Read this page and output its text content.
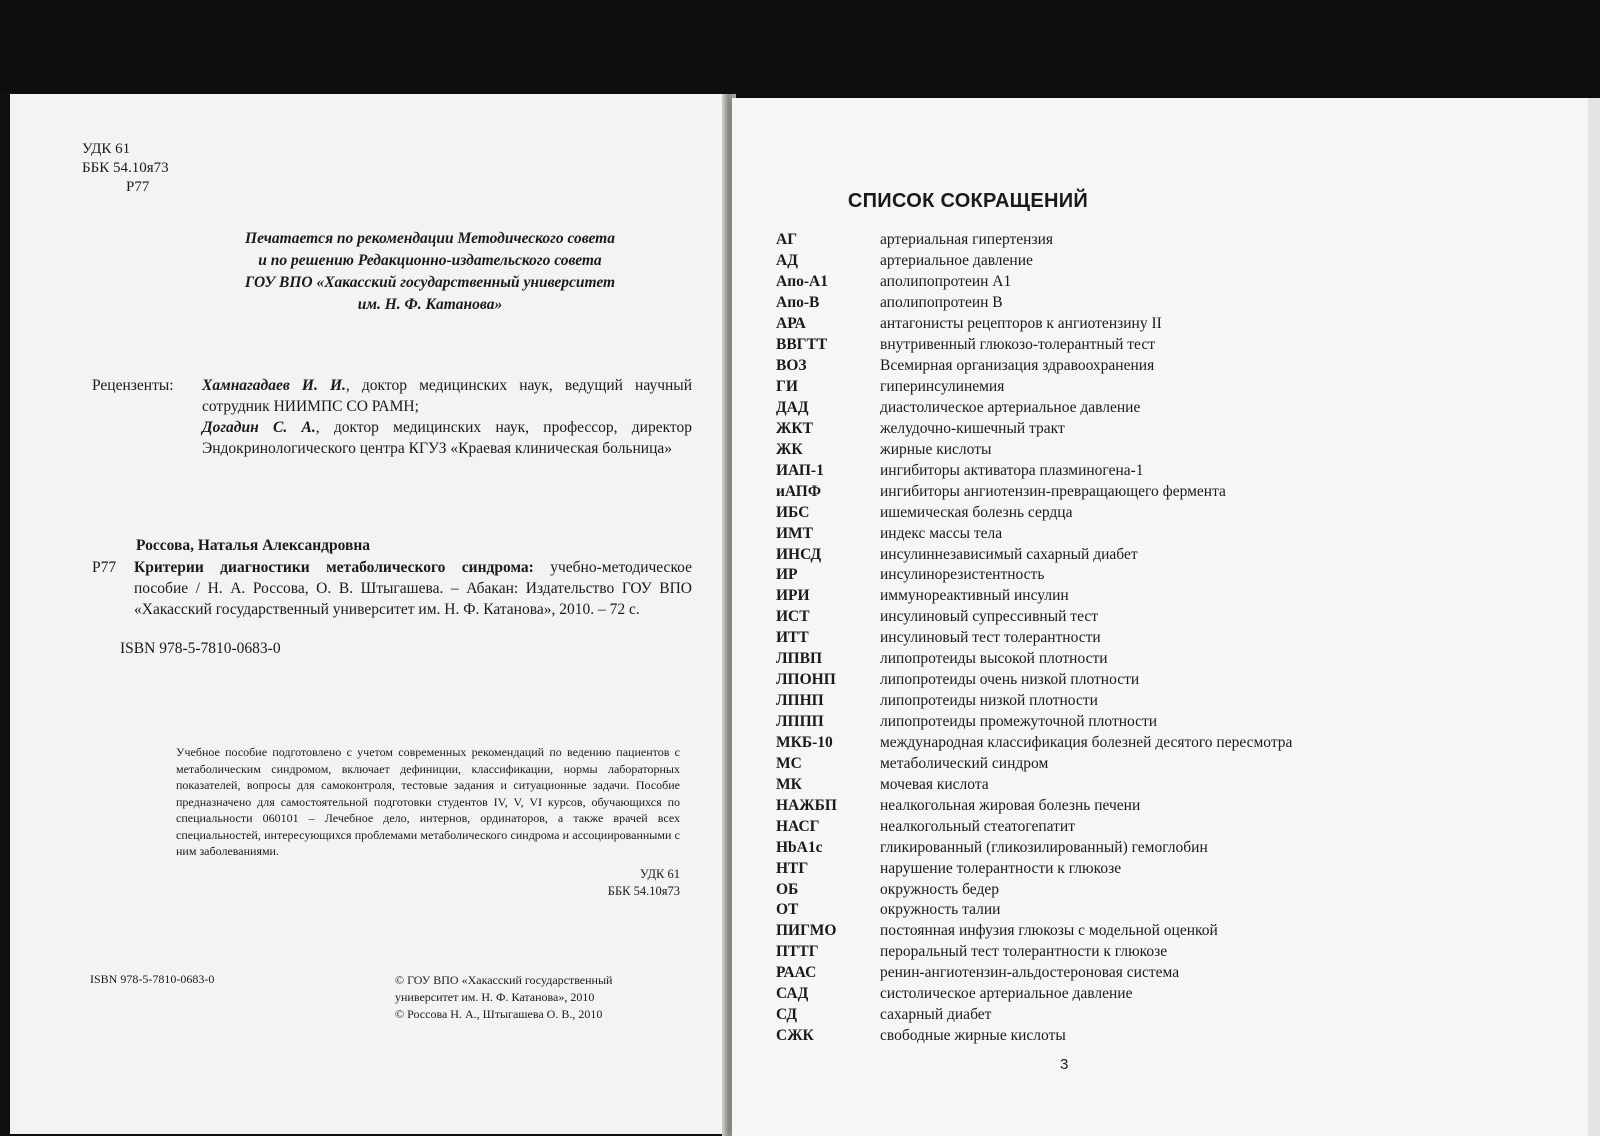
УДК 61
ББК 54.10я73
Р77
Печатается по рекомендации Методического совета
и по решению Редакционно-издательского совета
ГОУ ВПО «Хакасский государственный университет
им. Н. Ф. Катанова»
Рецензенты: Хамнагадаев И. И., доктор медицинских наук, ведущий научный сотрудник НИИМПС СО РАМН;

Догадин С. А., доктор медицинских наук, профессор, директор Эндокринологического центра КГУЗ «Краевая клиническая больница»

Россова, Наталья Александровна
Р77 Критерии диагностики метаболического синдрома: учебно-методическое пособие / Н. А. Россова, О. В. Штыгашева. – Абакан: Издательство ГОУ ВПО «Хакасский государственный университет им. Н. Ф. Катанова», 2010. – 72 с.
ISBN 978-5-7810-0683-0
Учебное пособие подготовлено с учетом современных рекомендаций по ведению пациентов с метаболическим синдромом, включает дефиниции, классификации, нормы лабораторных показателей, вопросы для самоконтроля, тестовые задания и ситуационные задачи. Пособие предназначено для самостоятельной подготовки студентов IV, V, VI курсов, обучающихся по специальности 060101 – Лечебное дело, интернов, ординаторов, а также врачей всех специальностей, интересующихся проблемами метаболического синдрома и ассоциированными с ним заболеваниями.
УДК 61
ББК 54.10я73
ISBN 978-5-7810-0683-0	© ГОУ ВПО «Хакасский государственный
университет им. Н. Ф. Катанова», 2010
© Россова Н. А., Штыгашева О. В., 2010
СПИСОК СОКРАЩЕНИЙ
АГ	артериальная гипертензия
АД	артериальное давление
Апо-А1	аполипопротеин А1
Апо-В	аполипопротеин В
АРА	антагонисты рецепторов к ангиотензину II
ВВГТТ	внутривенный глюкозо-толерантный тест
ВОЗ	Всемирная организация здравоохранения
ГИ	гиперинсулинемия
ДАД	диастолическое артериальное давление
ЖКТ	желудочно-кишечный тракт
ЖК	жирные кислоты
ИАП-1	ингибиторы активатора плазминогена-1
иАПФ	ингибиторы ангиотензин-превращающего фермента
ИБС	ишемическая болезнь сердца
ИМТ	индекс массы тела
ИНСД	инсулиннезависимый сахарный диабет
ИР	инсулинорезистентность
ИРИ	иммунореактивный инсулин
ИСТ	инсулиновый супрессивный тест
ИТТ	инсулиновый тест толерантности
ЛПВП	липопротеиды высокой плотности
ЛПОНП	липопротеиды очень низкой плотности
ЛПНП	липопротеиды низкой плотности
ЛППП	липопротеиды промежуточной плотности
МКБ-10	международная классификация болезней десятого пересмотра
МС	метаболический синдром
МК	мочевая кислота
НАЖБП	неалкогольная жировая болезнь печени
НАСГ	неалкогольный стеатогепатит
HbA1c	гликированный (гликозилированный) гемоглобин
НТГ	нарушение толерантности к глюкозе
ОБ	окружность бедер
ОТ	окружность талии
ПИГМО	постоянная инфузия глюкозы с модельной оценкой
ПТТГ	пероральный тест толерантности к глюкозе
РААС	ренин-ангиотензин-альдостероновая система
САД	систолическое артериальное давление
СД	сахарный диабет
СЖК	свободные жирные кислоты
3
